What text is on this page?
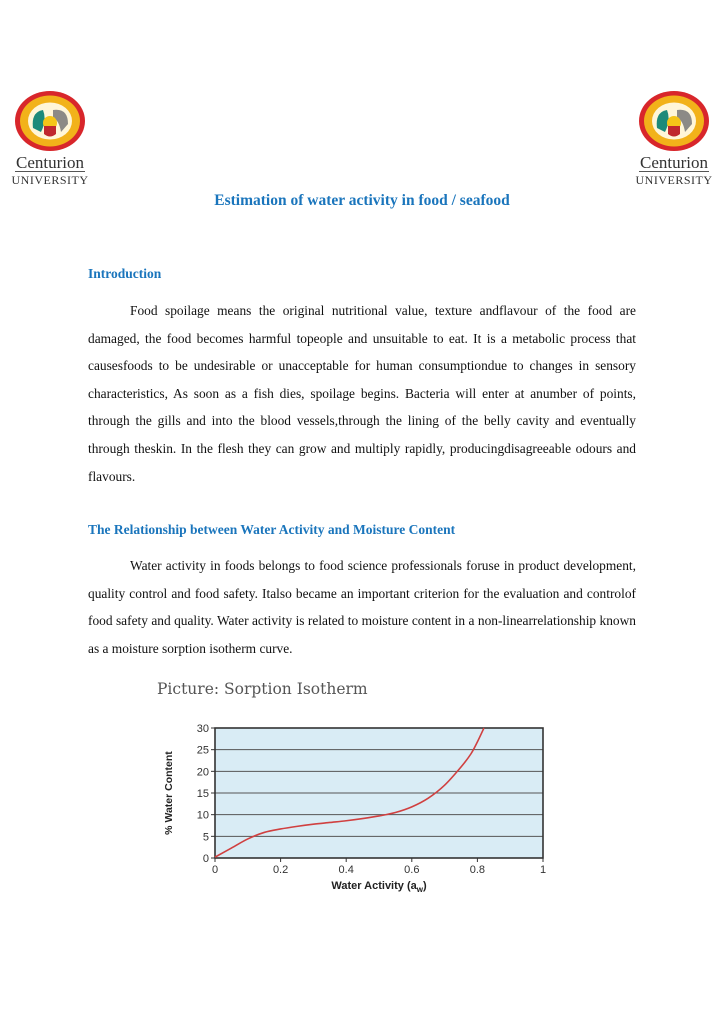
Centurion
UNIVERSITY
Centurion
UNIVERSITY
Estimation of water activity in food / seafood
Introduction

Food spoilage means the original nutritional value, texture andflavour of the food are damaged, the food becomes harmful topeople and unsuitable to eat. It is a metabolic process that causesfoods to be undesirable or unacceptable for human consumptiondue to changes in sensory characteristics, As soon as a fish dies, spoilage begins. Bacteria will enter at anumber of points, through the gills and into the blood vessels,through the lining of the belly cavity and eventually through theskin. In the flesh they can grow and multiply rapidly, producingdisagreeable odours and flavours.

The Relationship between Water Activity and Moisture Content

Water activity in foods belongs to food science professionals foruse in product development, quality control and food safety. Italso became an important criterion for the evaluation and controlof food safety and quality. Water activity is related to moisture content in a non-linearrelationship known as a moisture sorption isotherm curve.

Picture: Sorption Isotherm
0
5
10
15
20
25
30
0	0.2	0.4	0.6	0.8	1
% Water Content
Water Activity $(a_w)$
